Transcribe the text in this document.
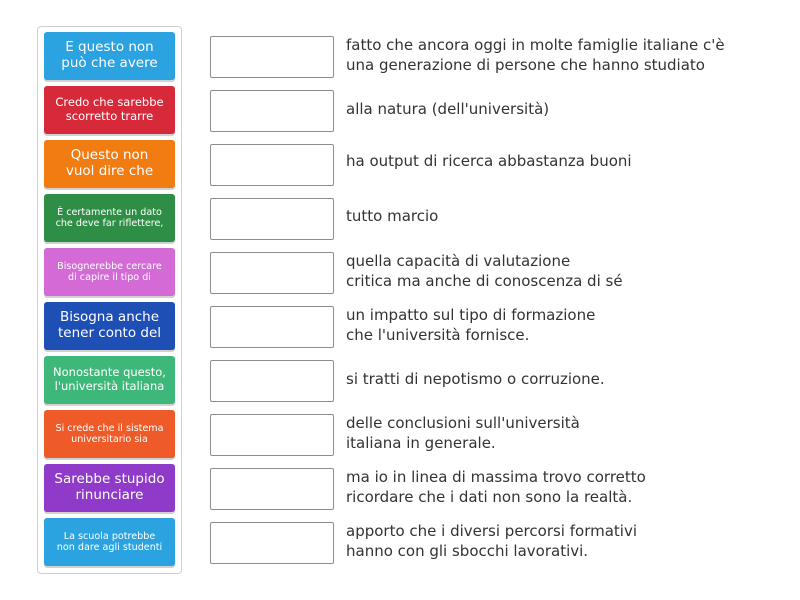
E questo non
può che avere
Credo che sarebbe
scorretto trarre
Questo non
vuol dire che
È certamente un dato
che deve far riflettere,
Bisognerebbe cercare
di capire il tipo di
Bisogna anche
tener conto del
Nonostante questo,
l'università italiana
Si crede che il sistema
universitario sia
Sarebbe stupido
rinunciare
La scuola potrebbe
non dare agli studenti
fatto che ancora oggi in molte famiglie italiane c'è
una generazione di persone che hanno studiato
alla natura (dell'università)
ha output di ricerca abbastanza buoni
tutto marcio
quella capacità di valutazione
critica ma anche di conoscenza di sé
un impatto sul tipo di formazione
che l'università fornisce.
si tratti di nepotismo o corruzione.
delle conclusioni sull'università
italiana in generale.
ma io in linea di massima trovo corretto
ricordare che i dati non sono la realtà.
apporto che i diversi percorsi formativi
hanno con gli sbocchi lavorativi.
